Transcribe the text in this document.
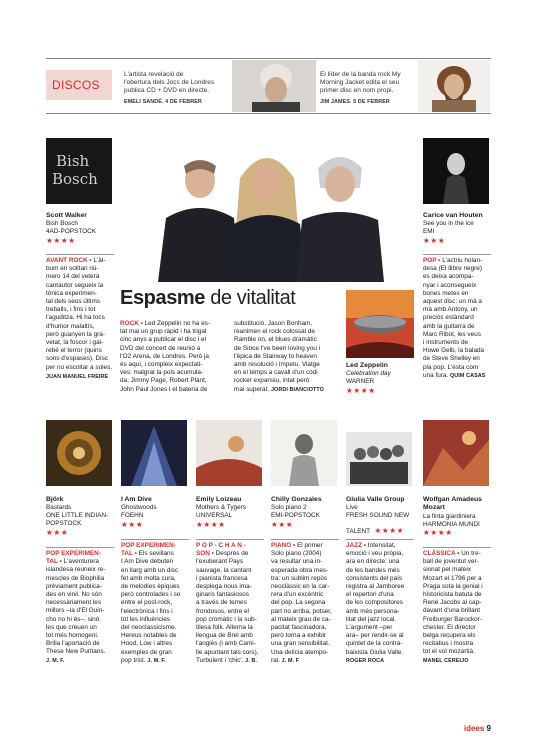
DISCOS
L'artista revelació de
l'obertura dels Jocs de Londres
publica CD + DVD en directe.
EMELI SANDÉ. 4 DE FEBRER
El líder de la banda rock My
Morning Jacket edita el seu
primer disc en nom propi.
JIM JAMES. 5 DE FEBRER
Bish
Bosch
Scott Walker
Bish Bosch
4AD-POPSTOCK
★★★★
AVANT ROCK • L'àl-
bum en solitari nú-
mero 14 del veterà
cantautor segueix la
tònica experimen-
tal dels seus últims
treballs, i fins i tot
l'aguditza. Hi ha tocs
d'humor malaltís,
però guanyen la gra-
vetat, la foscor i gai-
rebé el terror (quins
sons d'espases). Disc
per no escoltar a soles.
JUAN MANUEL FREIRE
Espasme de vitalitat
ROCK • Led Zeppelin no ha es-
tat mai un grup ràpid i ha trigat
cinc anys a publicar el disc i el
DVD del concert de reunió a
l'O2 Arena, de Londres. Però ja
és aquí, i compleix expectati-
ves: malgrat la pols acumula-
da, Jimmy Page, Robert Plant,
John Paul Jones i el bateria de
substitució, Jason Bonham,
reanimen el rock colossal de
Ramble on, el blues dramàtic
de Since I've been loving you i
l'èpica de Stairway to heaven
amb resolució i ímpetu. Viatge
en el temps a cavall d'un còdi
rocker expansiu, intat però
mai superat. JORDI BIANCIOTTO
Led Zeppelin
Celebration day
WARNER
★★★★
Carice van Houten
See you in the ice
EMI
★★★
POP • L'actriu holan-
desa (El llibre negre)
es deixa acompa-
nyar i aconsegueix
bones metes en
aquest disc: un mà a
mà amb Antony, un
preciós estàndard
amb la guitarra de
Marc Ribot, les veus
i instruments de
Howe Gelb, la balada
de Steve Shelley en
pla pop. L'èsta com
una fura. QUIM CASAS
Björk
Bastards
ONE LITTLE INDIAN-
POPSTOCK
★★★
POP EXPERIMEN-
TAL • L'aventurera
islandesa reuneix re-
mescles de Biophilia
prèviament publica-
des en vinil. No són
necessàriament les
millors –la d'El Guin-
cho no hi és–, sinó
les que creuen un
tot més homogeni.
Brilla l'aportació de
These New Puritans.
J. M. F.
I Am Dive
Ghostwoods
FOEHN
★★★
POP EXPERIMEN-
TAL • Els sevillans
I Am Dive debuten
en llarg amb un disc
fet amb molta cura,
de melodies èpiques
però controlades i so
entre el post-rock,
l'electrònica i fins i
tot les influències
del neoclassicisme.
Hereus notables de
Hood, Low i altres
exemples de gran
pop trist. J. M. F.
Emily Loizeau
Mothers & Tygers
UNIVERSAL
★★★★
P O P - C H A N -
SON • Després de
l'exuberant Pays
sauvage, la cantant
i pianista francesa
desplega nous ima-
ginaris fantasiosos
a través de temes
frondosos, entre el
pop cromàtic i la sub-
tilesa folk. Alterna la
llengua de Brel amb
l'anglès (i amb Cami-
lle apuntant tals cors).
Turbulent i 'chic'. J. B.
Chilly Gonzales
Solo piano 2
EMI-POPSTOCK
★★★
PIANO • El primer
Solo piano (2004)
va resultar una in-
esperada obra mes-
tra: un sublim repòs
neoclàssic en la car-
rera d'un excèntric
del pop. La segona
part no arriba, potser,
al mateix grau de ca-
pacitat fascinadora,
però torna a exhibir
una gran sensibilitat.
Una delícia atempo-
ral. J. M. F
Giulia Valle Group
Live
FRESH SOUND NEW
TALENT ★★★★
JAZZ • Intensitat,
emoció i veu pròpia,
ara en directe: una
de les bandes més
consistents del país
registra al Jamboree
el repertori d'una
de les compositores
amb més persona-
litat del jazz local.
L'argument –per
ara– per rendir-se al
quintet de la contra-
baixista Giulia Valle.
ROGER ROCA
Wolfgan Amadeus
Mozart
La finta giardiniera
HARMONIA MUNDI
★★★★
CLÀSSICA • Un tre-
ball de joventut ver-
sionat pel mateix
Mozart el 1796 per a
Praga sota la genial i
historicista batuta de
René Jacobs al cap-
davant d'una brillant
Freiburger Barockor-
chester. El director
belga recupera els
recitatius i mostra
tot el vol mozartià.
MANEL CEREIJO
idees 9
